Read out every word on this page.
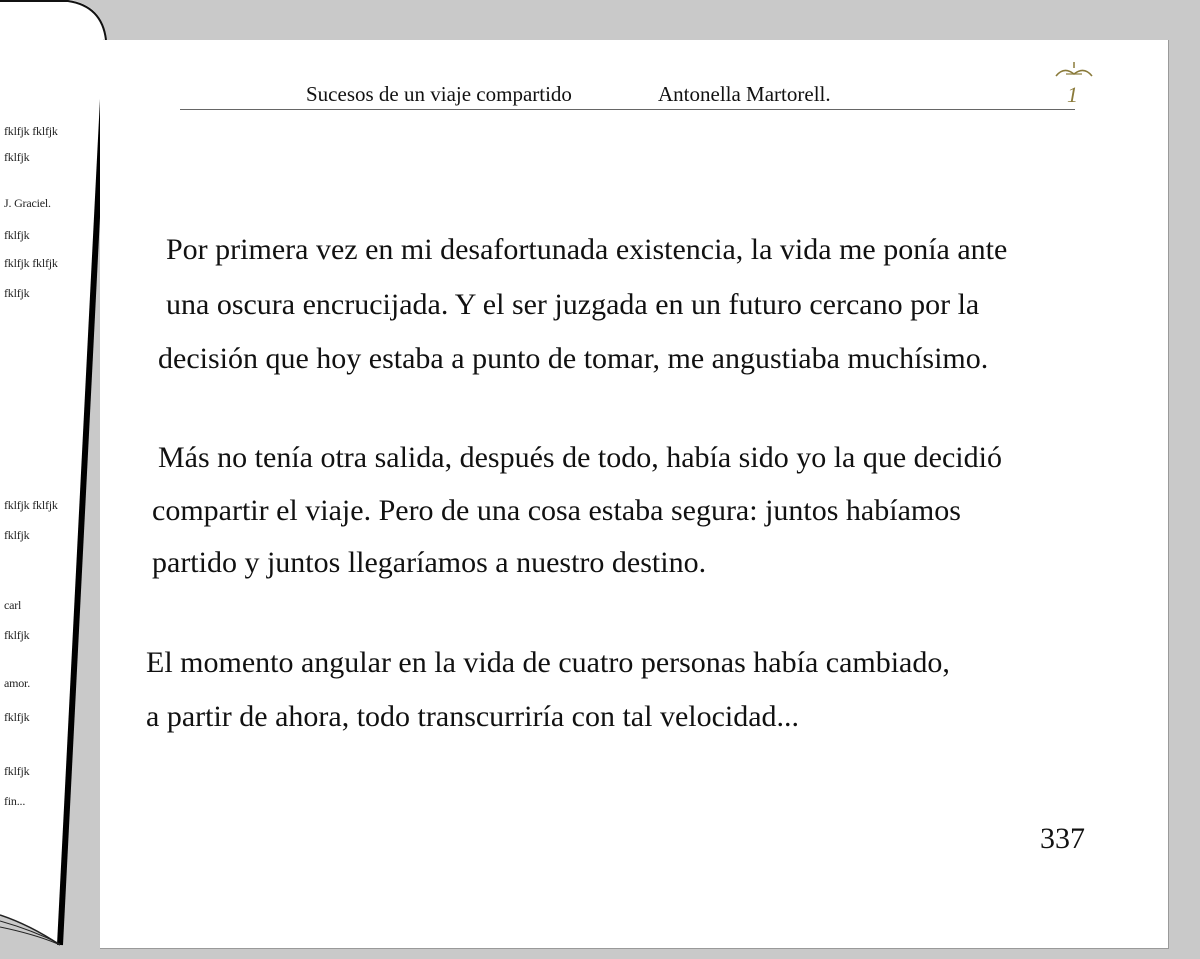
fklfjk fklfjk
fklfjk
J. Graciel.
fklfjk
fklfjk fklfjk
fklfjk
fklfjk fklfjk
fklfjk
carl
fklfjk
amor.
fklfjk
fklfjk
fin...
Sucesos de un viaje compartido	Antonella Martorell.	1
Por primera vez en mi desafortunada existencia, la vida me ponía ante
una oscura encrucijada. Y el ser juzgada en un futuro cercano por la
decisión que hoy estaba a punto de tomar, me angustiaba muchísimo.
Más no tenía otra salida, después de todo, había sido yo la que decidió
compartir el viaje. Pero de una cosa estaba segura: juntos habíamos
partido y juntos llegaríamos a nuestro destino.
El momento angular en la vida de cuatro personas había cambiado,
a partir de ahora, todo transcurriría con tal velocidad...
337
